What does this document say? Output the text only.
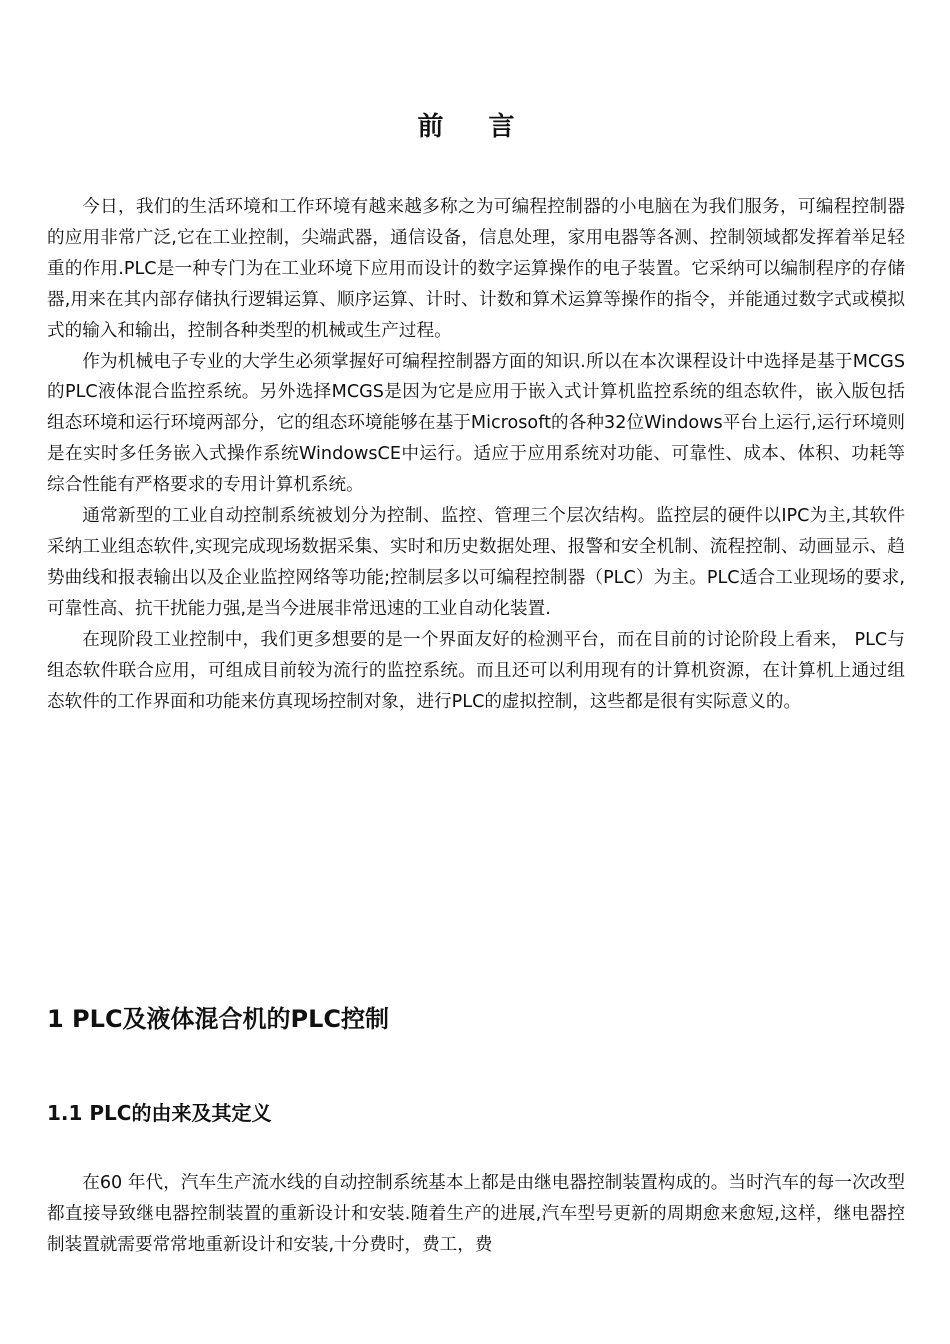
前 言

今日，我们的生活环境和工作环境有越来越多称之为可编程控制器的小电脑在为我们服务，可编程控制器的应用非常广泛,它在工业控制，尖端武器，通信设备，信息处理，家用电器等各测、控制领域都发挥着举足轻重的作用.PLC是一种专门为在工业环境下应用而设计的数字运算操作的电子装置。它采纳可以编制程序的存储器,用来在其内部存储执行逻辑运算、顺序运算、计时、计数和算术运算等操作的指令，并能通过数字式或模拟式的输入和输出，控制各种类型的机械或生产过程。

作为机械电子专业的大学生必须掌握好可编程控制器方面的知识.所以在本次课程设计中选择是基于MCGS的PLC液体混合监控系统。另外选择MCGS是因为它是应用于嵌入式计算机监控系统的组态软件，嵌入版包括组态环境和运行环境两部分，它的组态环境能够在基于Microsoft的各种32位Windows平台上运行,运行环境则是在实时多任务嵌入式操作系统WindowsCE中运行。适应于应用系统对功能、可靠性、成本、体积、功耗等综合性能有严格要求的专用计算机系统。

通常新型的工业自动控制系统被划分为控制、监控、管理三个层次结构。监控层的硬件以IPC为主,其软件采纳工业组态软件,实现完成现场数据采集、实时和历史数据处理、报警和安全机制、流程控制、动画显示、趋势曲线和报表输出以及企业监控网络等功能;控制层多以可编程控制器（PLC）为主。PLC适合工业现场的要求,可靠性高、抗干扰能力强,是当今进展非常迅速的工业自动化装置.

在现阶段工业控制中，我们更多想要的是一个界面友好的检测平台，而在目前的讨论阶段上看来， PLC与组态软件联合应用，可组成目前较为流行的监控系统。而且还可以利用现有的计算机资源，在计算机上通过组态软件的工作界面和功能来仿真现场控制对象，进行PLC的虚拟控制，这些都是很有实际意义的。

1 PLC及液体混合机的PLC控制
1.1 PLC的由来及其定义

在60 年代，汽车生产流水线的自动控制系统基本上都是由继电器控制装置构成的。当时汽车的每一次改型都直接导致继电器控制装置的重新设计和安装.随着生产的进展,汽车型号更新的周期愈来愈短,这样，继电器控制装置就需要常常地重新设计和安装,十分费时，费工，费
